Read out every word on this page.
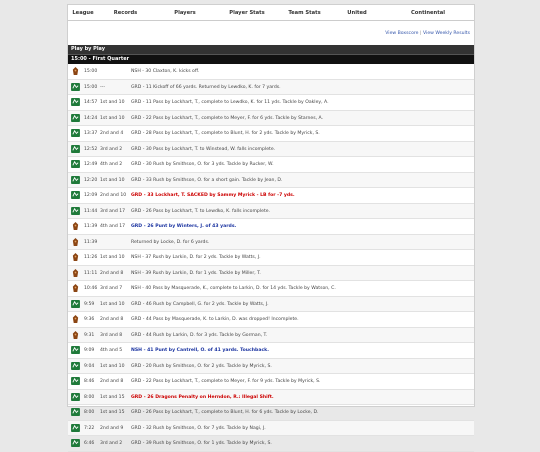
League	Records	Players	Player Stats	Team Stats	United	Continental
View Boxscore | View Weekly Results
Play by Play
15:00 - First Quarter
15:00	NSH - 30 Claxton, K. kicks off.
15:00 ---	GRD - 11 Kickoff of 66 yards. Returned by Lewdko, K. for 7 yards.
14:57 1st and 10 GRD - 11 Pass by Lockhart, T., complete to Lewdko, K. for 11 yds. Tackle by Oakley, A.
14:24 1st and 10 GRD - 22 Pass by Lockhart, T., complete to Meyer, F. for 6 yds. Tackle by Starnes, A.
13:37 2nd and 4 GRD - 28 Pass by Lockhart, T., complete to Blunt, H. for 2 yds. Tackle by Myrick, S.
12:52 3rd and 2 GRD - 30 Pass by Lockhart, T. to Winstead, W. falls incomplete.
12:49 4th and 2 GRD - 30 Rush by Smithson, O. for 3 yds. Tackle by Rucker, W.
12:20 1st and 10 GRD - 33 Rush by Smithson, O. for a short gain. Tackle by Jean, D.
12:09 2nd and 10 GRD - 33 Lockhart, T. SACKED by Sammy Myrick - LB for -7 yds.
11:44 3rd and 17 GRD - 26 Pass by Lockhart, T. to Lewdko, K. falls incomplete.
11:39 4th and 17 GRD - 26 Punt by Winters, J. of 43 yards.
11:39	Returned by Locke, D. for 6 yards.
11:26 1st and 10 NSH - 37 Rush by Larkin, D. for 2 yds. Tackle by Watts, J.
11:11 2nd and 8 NSH - 39 Rush by Larkin, D. for 1 yds. Tackle by Miller, T.
10:46 3rd and 7 NSH - 40 Pass by Masquerade, K., complete to Larkin, D. for 14 yds. Tackle by Watson, C.
9:59 1st and 10 GRD - 46 Rush by Campbell, G. for 2 yds. Tackle by Watts, J.
9:36 2nd and 8 GRD - 44 Pass by Masquerade, K. to Larkin, D. was dropped! Incomplete.
9:31 3rd and 8 GRD - 44 Rush by Larkin, D. for 3 yds. Tackle by Gorman, T.
9:09 4th and 5 NSH - 41 Punt by Cantrell, O. of 41 yards. Touchback.
9:04 1st and 10 GRD - 20 Rush by Smithson, O. for 2 yds. Tackle by Myrick, S.
8:46 2nd and 8 GRD - 22 Pass by Lockhart, T., complete to Meyer, F. for 9 yds. Tackle by Myrick, S.
8:00 1st and 15 GRD - 26 Dragons Penalty on Herndon, R.: Illegal Shift.
8:00 1st and 15 GRD - 26 Pass by Lockhart, T., complete to Blunt, H. for 6 yds. Tackle by Locke, D.
7:22 2nd and 9 GRD - 32 Rush by Smithson, O. for 7 yds. Tackle by Nagi, J.
6:46 3rd and 2 GRD - 39 Rush by Smithson, O. for 1 yds. Tackle by Myrick, S.
